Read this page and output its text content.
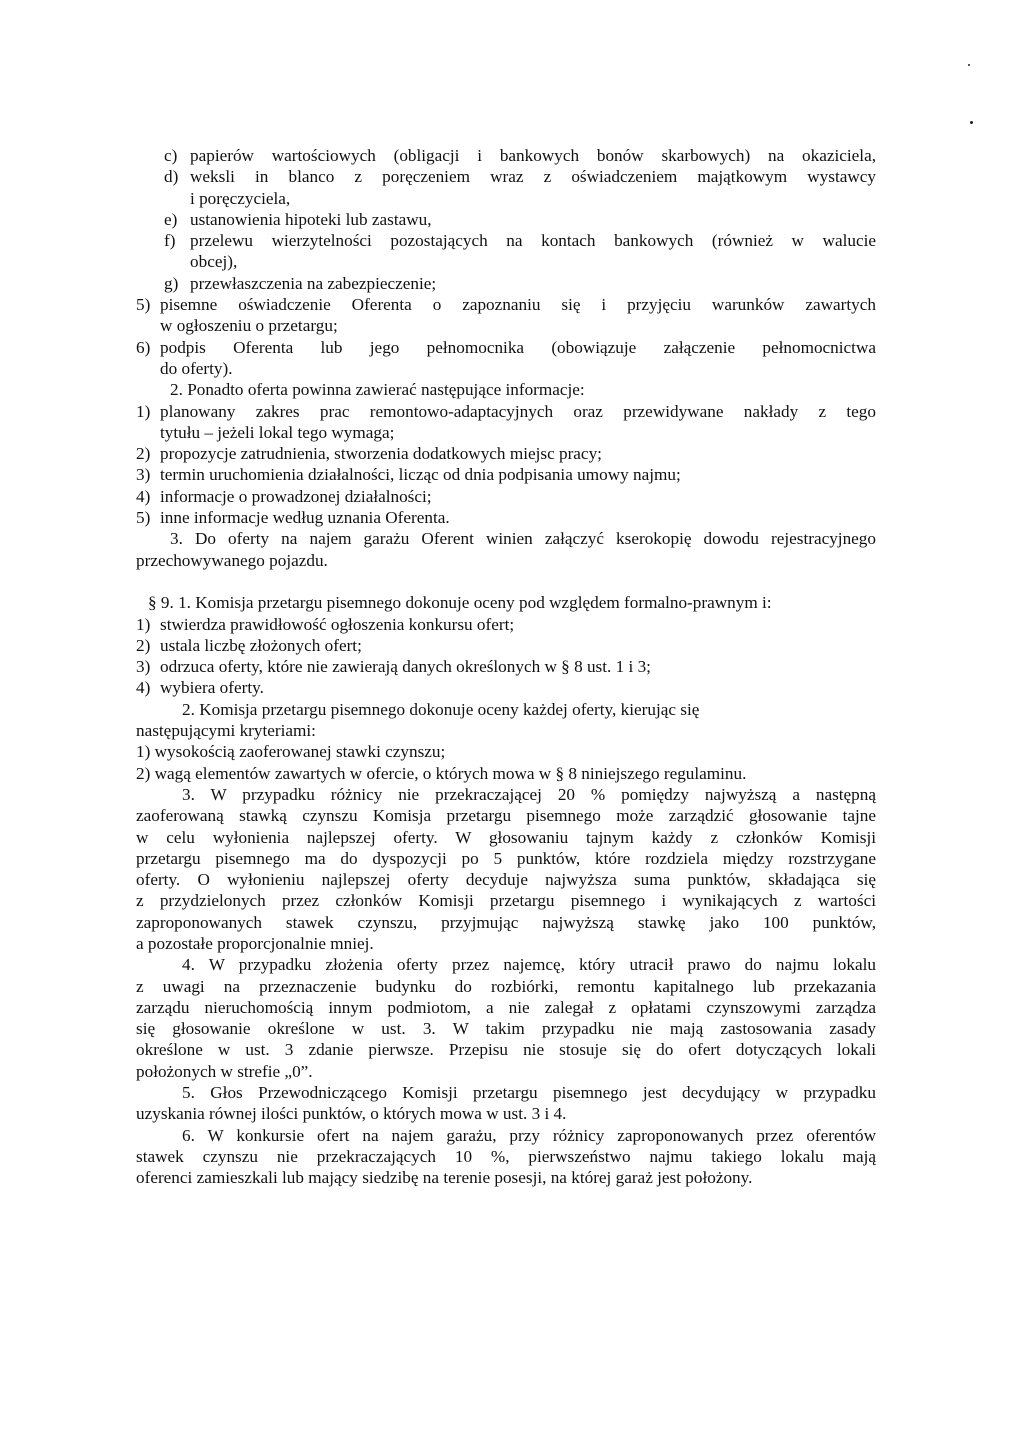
c) papierów wartościowych (obligacji i bankowych bonów skarbowych) na okaziciela,
d) weksli in blanco z poręczeniem wraz z oświadczeniem majątkowym wystawcy
i poręczyciela,
e) ustanowienia hipoteki lub zastawu,
f) przelewu wierzytelności pozostających na kontach bankowych (również w walucie
obcej),
g) przewłaszczenia na zabezpieczenie;
5) pisemne oświadczenie Oferenta o zapoznaniu się i przyjęciu warunków zawartych
w ogłoszeniu o przetargu;
6) podpis Oferenta lub jego pełnomocnika (obowiązuje załączenie pełnomocnictwa
do oferty).
2. Ponadto oferta powinna zawierać następujące informacje:
1) planowany zakres prac remontowo-adaptacyjnych oraz przewidywane nakłady z tego
tytułu – jeżeli lokal tego wymaga;
2) propozycje zatrudnienia, stworzenia dodatkowych miejsc pracy;
3) termin uruchomienia działalności, licząc od dnia podpisania umowy najmu;
4) informacje o prowadzonej działalności;
5) inne informacje według uznania Oferenta.
3. Do oferty na najem garażu Oferent winien załączyć kserokopię dowodu rejestracyjnego
przechowywanego pojazdu.
§ 9. 1. Komisja przetargu pisemnego dokonuje oceny pod względem formalno-prawnym i:
1) stwierdza prawidłowość ogłoszenia konkursu ofert;
2) ustala liczbę złożonych ofert;
3) odrzuca oferty, które nie zawierają danych określonych w § 8 ust. 1 i 3;
4) wybiera oferty.
2. Komisja przetargu pisemnego dokonuje oceny każdej oferty, kierując się
następującymi kryteriami:
1) wysokością zaoferowanej stawki czynszu;
2) wagą elementów zawartych w ofercie, o których mowa w § 8 niniejszego regulaminu.
3. W przypadku różnicy nie przekraczającej 20 % pomiędzy najwyższą a następną
zaoferowaną stawką czynszu Komisja przetargu pisemnego może zarządzić głosowanie tajne
w celu wyłonienia najlepszej oferty. W głosowaniu tajnym każdy z członków Komisji
przetargu pisemnego ma do dyspozycji po 5 punktów, które rozdziela między rozstrzygane
oferty. O wyłonieniu najlepszej oferty decyduje najwyższa suma punktów, składająca się
z przydzielonych przez członków Komisji przetargu pisemnego i wynikających z wartości
zaproponowanych stawek czynszu, przyjmując najwyższą stawkę jako 100 punktów,
a pozostałe proporcjonalnie mniej.
4. W przypadku złożenia oferty przez najemcę, który utracił prawo do najmu lokalu
z uwagi na przeznaczenie budynku do rozbiórki, remontu kapitalnego lub przekazania
zarządu nieruchomością innym podmiotom, a nie zalegał z opłatami czynszowymi zarządza
się głosowanie określone w ust. 3. W takim przypadku nie mają zastosowania zasady
określone w ust. 3 zdanie pierwsze. Przepisu nie stosuje się do ofert dotyczących lokali
położonych w strefie „0”.
5. Głos Przewodniczącego Komisji przetargu pisemnego jest decydujący w przypadku
uzyskania równej ilości punktów, o których mowa w ust. 3 i 4.
6. W konkursie ofert na najem garażu, przy różnicy zaproponowanych przez oferentów
stawek czynszu nie przekraczających 10 %, pierwszeństwo najmu takiego lokalu mają
oferenci zamieszkali lub mający siedzibę na terenie posesji, na której garaż jest położony.
